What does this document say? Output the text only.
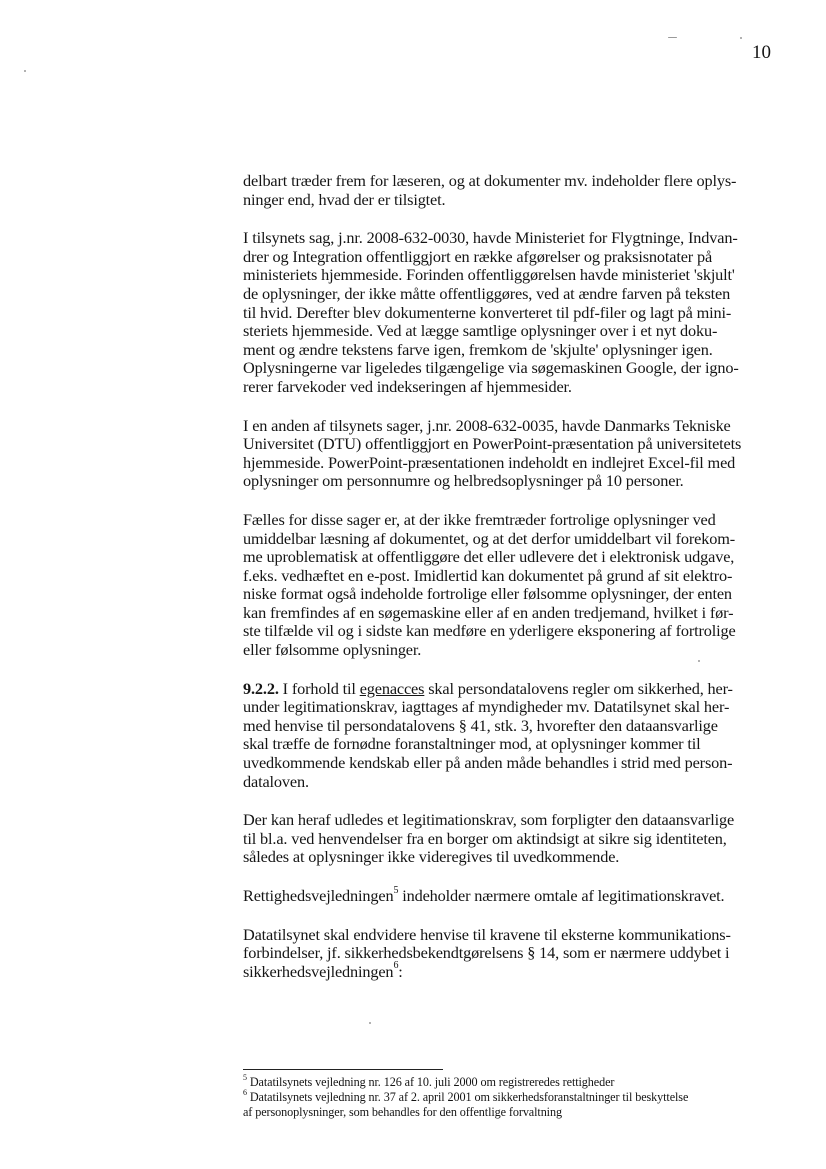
10

delbart træder frem for læseren, og at dokumenter mv. indeholder flere oplys-
ninger end, hvad der er tilsigtet.

I tilsynets sag, j.nr. 2008-632-0030, havde Ministeriet for Flygtninge, Indvan-
drer og Integration offentliggjort en række afgørelser og praksisnotater på
ministeriets hjemmeside. Forinden offentliggørelsen havde ministeriet 'skjult'
de oplysninger, der ikke måtte offentliggøres, ved at ændre farven på teksten
til hvid. Derefter blev dokumenterne konverteret til pdf-filer og lagt på mini-
steriets hjemmeside. Ved at lægge samtlige oplysninger over i et nyt doku-
ment og ændre tekstens farve igen, fremkom de 'skjulte' oplysninger igen.
Oplysningerne var ligeledes tilgængelige via søgemaskinen Google, der igno-
rerer farvekoder ved indekseringen af hjemmesider.

I en anden af tilsynets sager, j.nr. 2008-632-0035, havde Danmarks Tekniske
Universitet (DTU) offentliggjort en PowerPoint-præsentation på universitetets
hjemmeside. PowerPoint-præsentationen indeholdt en indlejret Excel-fil med
oplysninger om personnumre og helbredsoplysninger på 10 personer.

Fælles for disse sager er, at der ikke fremtræder fortrolige oplysninger ved
umiddelbar læsning af dokumentet, og at det derfor umiddelbart vil forekom-
me uproblematisk at offentliggøre det eller udlevere det i elektronisk udgave,
f.eks. vedhæftet en e-post. Imidlertid kan dokumentet på grund af sit elektro-
niske format også indeholde fortrolige eller følsomme oplysninger, der enten
kan fremfindes af en søgemaskine eller af en anden tredjemand, hvilket i før-
ste tilfælde vil og i sidste kan medføre en yderligere eksponering af fortrolige
eller følsomme oplysninger.

9.2.2. I forhold til egenacces skal persondatalovens regler om sikkerhed, her-
under legitimationskrav, iagttages af myndigheder mv. Datatilsynet skal her-
med henvise til persondatalovens § 41, stk. 3, hvorefter den dataansvarlige
skal træffe de fornødne foranstaltninger mod, at oplysninger kommer til
uvedkommende kendskab eller på anden måde behandles i strid med person-
dataloven.

Der kan heraf udledes et legitimationskrav, som forpligter den dataansvarlige
til bl.a. ved henvendelser fra en borger om aktindsigt at sikre sig identiteten,
således at oplysninger ikke videregives til uvedkommende.

Rettighedsvejledningen$^5$ indeholder nærmere omtale af legitimationskravet.

Datatilsynet skal endvidere henvise til kravene til eksterne kommunikations-
forbindelser, jf. sikkerhedsbekendtgørelsens § 14, som er nærmere uddybet i
sikkerhedsvejledningen$^6$:

$^5$ Datatilsynets vejledning nr. 126 af 10. juli 2000 om registreredes rettigheder
$^6$ Datatilsynets vejledning nr. 37 af 2. april 2001 om sikkerhedsforanstaltninger til beskyttelse
af personoplysninger, som behandles for den offentlige forvaltning
